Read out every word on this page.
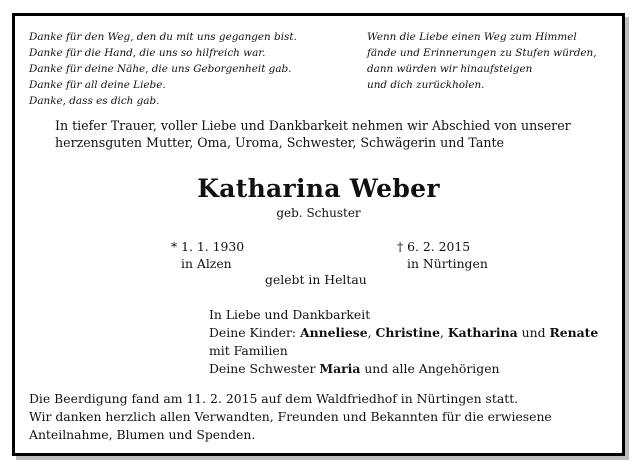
Danke für den Weg, den du mit uns gegangen bist.
Danke für die Hand, die uns so hilfreich war.
Danke für deine Nähe, die uns Geborgenheit gab.
Danke für all deine Liebe.
Danke, dass es dich gab.
Wenn die Liebe einen Weg zum Himmel
fände und Erinnerungen zu Stufen würden,
dann würden wir hinaufsteigen
und dich zurückholen.
In tiefer Trauer, voller Liebe und Dankbarkeit nehmen wir Abschied von unserer
herzensguten Mutter, Oma, Uroma, Schwester, Schwägerin und Tante
Katharina Weber
geb. Schuster
* 1. 1. 1930
in Alzen
† 6. 2. 2015
in Nürtingen
gelebt in Heltau
In Liebe und Dankbarkeit
Deine Kinder: Anneliese, Christine, Katharina und Renate
mit Familien
Deine Schwester Maria und alle Angehörigen
Die Beerdigung fand am 11. 2. 2015 auf dem Waldfriedhof in Nürtingen statt.
Wir danken herzlich allen Verwandten, Freunden und Bekannten für die erwiesene
Anteilnahme, Blumen und Spenden.
